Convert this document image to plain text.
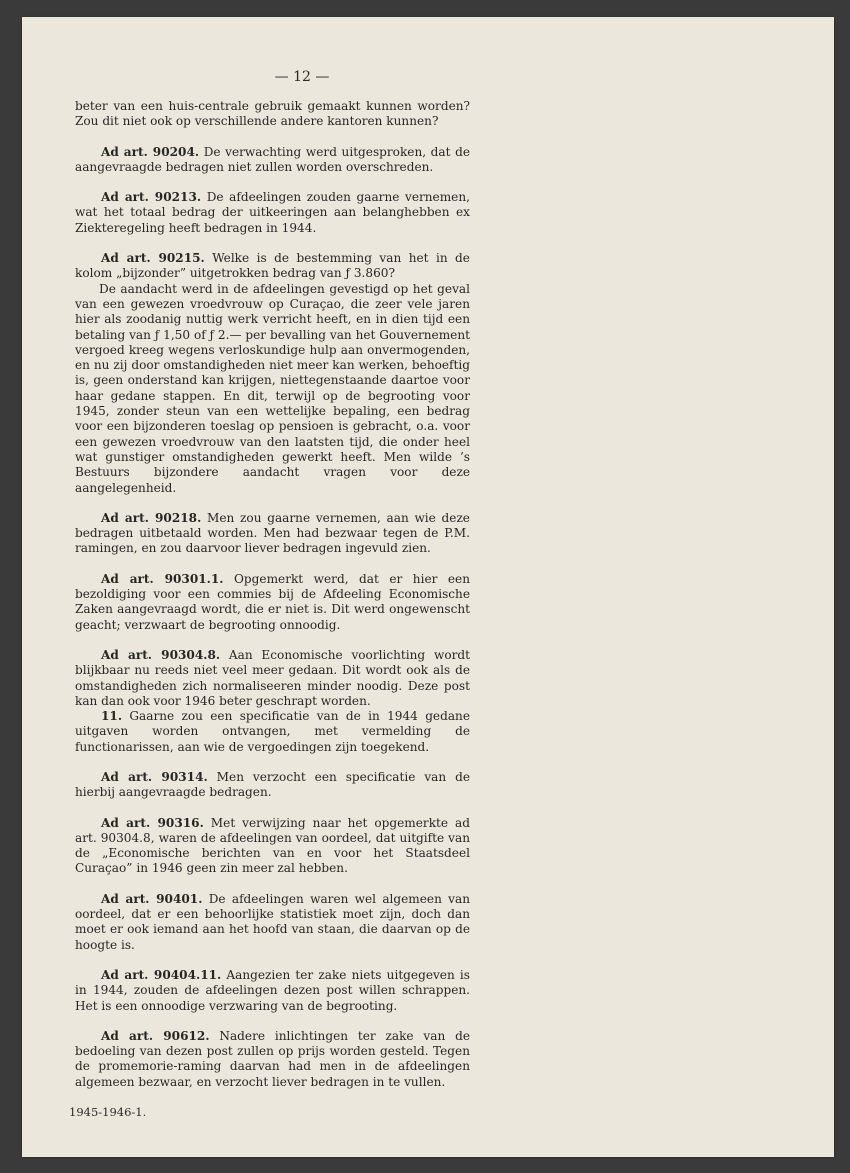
— 12 —

beter van een huis-centrale gebruik gemaakt kunnen worden? Zou dit niet ook op verschillende andere kantoren kunnen?

Ad art. 90204. De verwachting werd uitgesproken, dat de aangevraagde bedragen niet zullen worden overschreden.

Ad art. 90213. De afdeelingen zouden gaarne vernemen, wat het totaal bedrag der uitkeeringen aan belanghebben ex Ziekteregeling heeft bedragen in 1944.

Ad art. 90215. Welke is de bestemming van het in de kolom „bijzonder” uitgetrokken bedrag van ƒ 3.860?

De aandacht werd in de afdeelingen gevestigd op het geval van een gewezen vroedvrouw op Curaçao, die zeer vele jaren hier als zoodanig nuttig werk verricht heeft, en in dien tijd een betaling van ƒ 1,50 of ƒ 2.— per bevalling van het Gouvernement vergoed kreeg wegens verloskundige hulp aan onvermogenden, en nu zij door omstandigheden niet meer kan werken, behoeftig is, geen onderstand kan krijgen, niettegenstaande daartoe voor haar gedane stappen. En dit, terwijl op de begrooting voor 1945, zonder steun van een wettelijke bepaling, een bedrag voor een bijzonderen toeslag op pensioen is gebracht, o.a. voor een gewezen vroedvrouw van den laatsten tijd, die onder heel wat gunstiger omstandigheden gewerkt heeft. Men wilde ’s Bestuurs bijzondere aandacht vragen voor deze aangelegenheid.

Ad art. 90218. Men zou gaarne vernemen, aan wie deze bedragen uitbetaald worden. Men had bezwaar tegen de P.M. ramingen, en zou daarvoor liever bedragen ingevuld zien.

Ad art. 90301.1. Opgemerkt werd, dat er hier een bezoldiging voor een commies bij de Afdeeling Economische Zaken aangevraagd wordt, die er niet is. Dit werd ongewenscht geacht; verzwaart de begrooting onnoodig.

Ad art. 90304.8. Aan Economische voorlichting wordt blijkbaar nu reeds niet veel meer gedaan. Dit wordt ook als de omstandigheden zich normaliseeren minder noodig. Deze post kan dan ook voor 1946 beter geschrapt worden.

11. Gaarne zou een specificatie van de in 1944 gedane uitgaven worden ontvangen, met vermelding de functionarissen, aan wie de vergoedingen zijn toegekend.

Ad art. 90314. Men verzocht een specificatie van de hierbij aangevraagde bedragen.

Ad art. 90316. Met verwijzing naar het opgemerkte ad art. 90304.8, waren de afdeelingen van oordeel, dat uitgifte van de „Economische berichten van en voor het Staatsdeel Curaçao” in 1946 geen zin meer zal hebben.

Ad art. 90401. De afdeelingen waren wel algemeen van oordeel, dat er een behoorlijke statistiek moet zijn, doch dan moet er ook iemand aan het hoofd van staan, die daarvan op de hoogte is.

Ad art. 90404.11. Aangezien ter zake niets uitgegeven is in 1944, zouden de afdeelingen dezen post willen schrappen. Het is een onnoodige verzwaring van de begrooting.

Ad art. 90612. Nadere inlichtingen ter zake van de bedoeling van dezen post zullen op prijs worden gesteld. Tegen de promemorie-raming daarvan had men in de afdeelingen algemeen bezwaar, en verzocht liever bedragen in te vullen.

1945-1946-1.
